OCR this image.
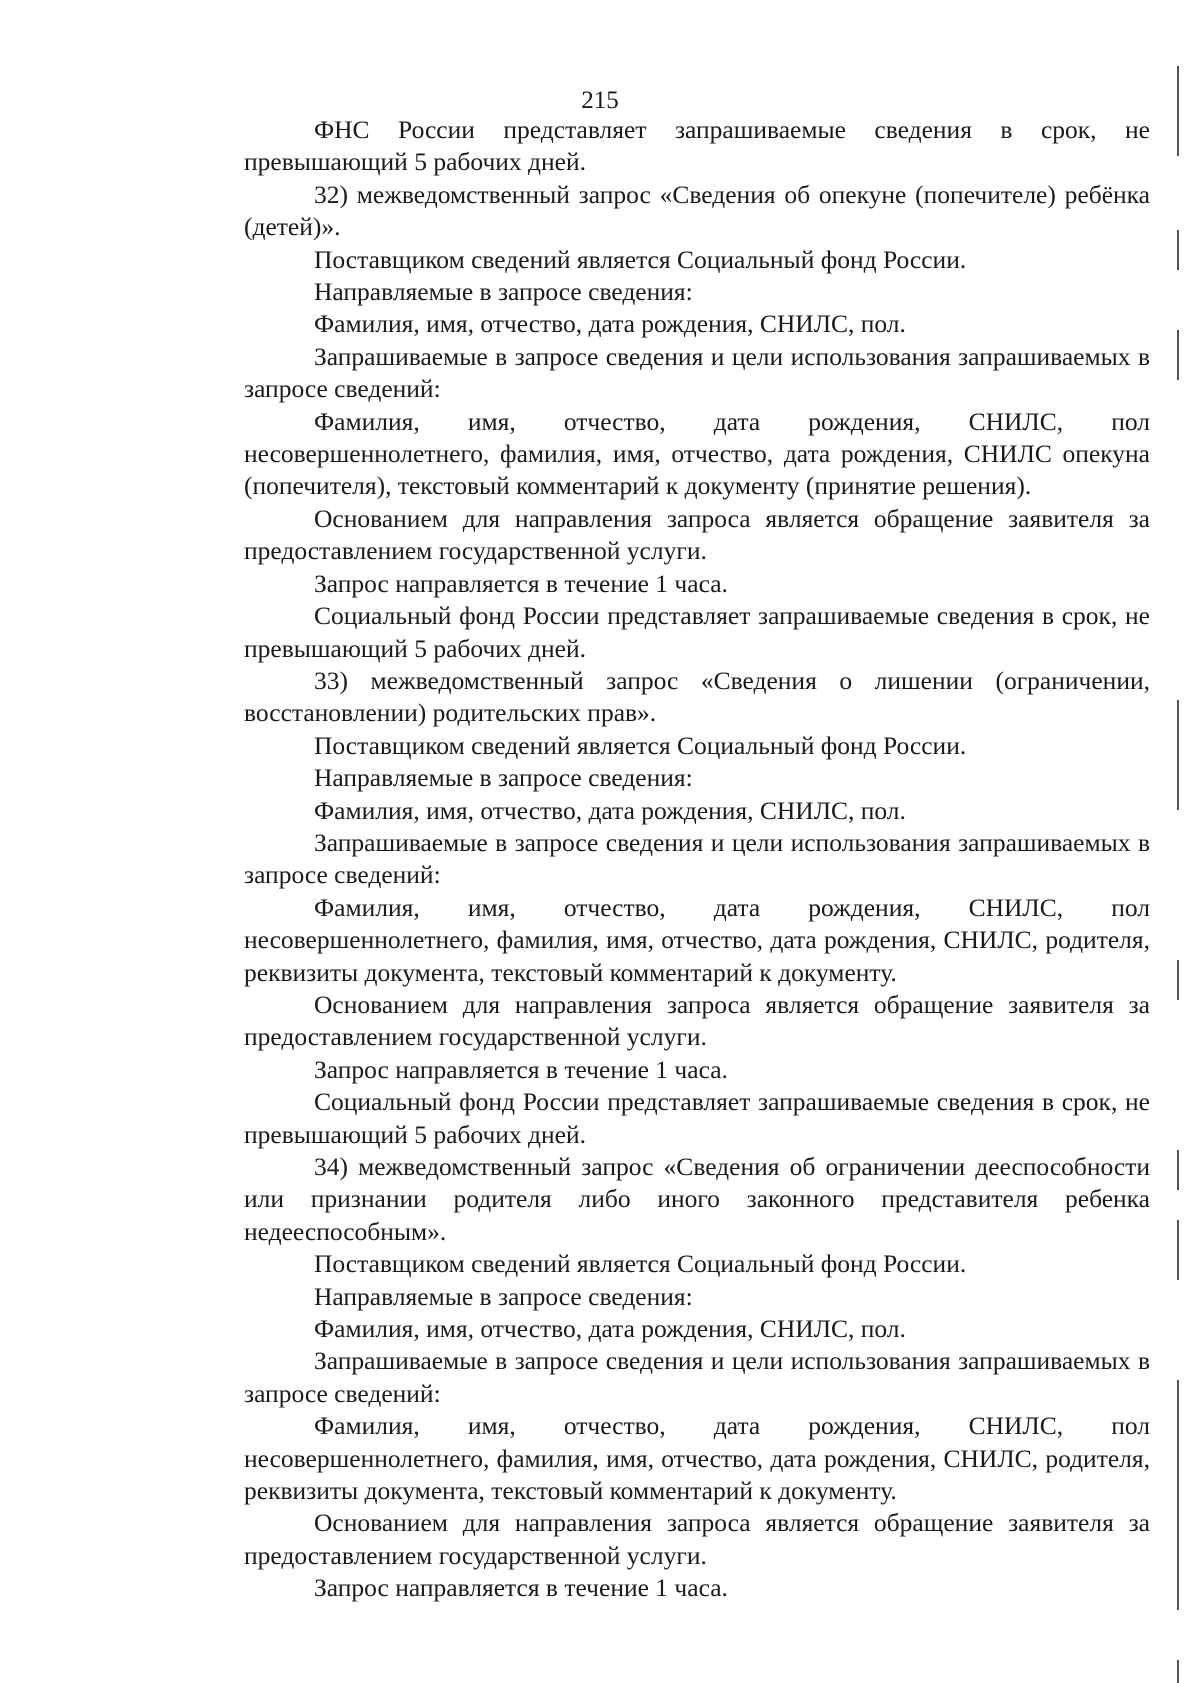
215

ФНС России представляет запрашиваемые сведения в срок, не превышающий 5 рабочих дней.

32) межведомственный запрос «Сведения об опекуне (попечителе) ребёнка (детей)».

Поставщиком сведений является Социальный фонд России.

Направляемые в запросе сведения:

Фамилия, имя, отчество, дата рождения, СНИЛС, пол.

Запрашиваемые в запросе сведения и цели использования запрашиваемых в запросе сведений:

Фамилия, имя, отчество, дата рождения, СНИЛС, пол несовершеннолетнего, фамилия, имя, отчество, дата рождения, СНИЛС опекуна (попечителя), текстовый комментарий к документу (принятие решения).

Основанием для направления запроса является обращение заявителя за предоставлением государственной услуги.

Запрос направляется в течение 1 часа.

Социальный фонд России представляет запрашиваемые сведения в срок, не превышающий 5 рабочих дней.

33) межведомственный запрос «Сведения о лишении (ограничении, восстановлении) родительских прав».

Поставщиком сведений является Социальный фонд России.

Направляемые в запросе сведения:

Фамилия, имя, отчество, дата рождения, СНИЛС, пол.

Запрашиваемые в запросе сведения и цели использования запрашиваемых в запросе сведений:

Фамилия, имя, отчество, дата рождения, СНИЛС, пол несовершеннолетнего, фамилия, имя, отчество, дата рождения, СНИЛС, родителя, реквизиты документа, текстовый комментарий к документу.

Основанием для направления запроса является обращение заявителя за предоставлением государственной услуги.

Запрос направляется в течение 1 часа.

Социальный фонд России представляет запрашиваемые сведения в срок, не превышающий 5 рабочих дней.

34) межведомственный запрос «Сведения об ограничении дееспособности или признании родителя либо иного законного представителя ребенка недееспособным».

Поставщиком сведений является Социальный фонд России.

Направляемые в запросе сведения:

Фамилия, имя, отчество, дата рождения, СНИЛС, пол.

Запрашиваемые в запросе сведения и цели использования запрашиваемых в запросе сведений:

Фамилия, имя, отчество, дата рождения, СНИЛС, пол несовершеннолетнего, фамилия, имя, отчество, дата рождения, СНИЛС, родителя, реквизиты документа, текстовый комментарий к документу.

Основанием для направления запроса является обращение заявителя за предоставлением государственной услуги.

Запрос направляется в течение 1 часа.
